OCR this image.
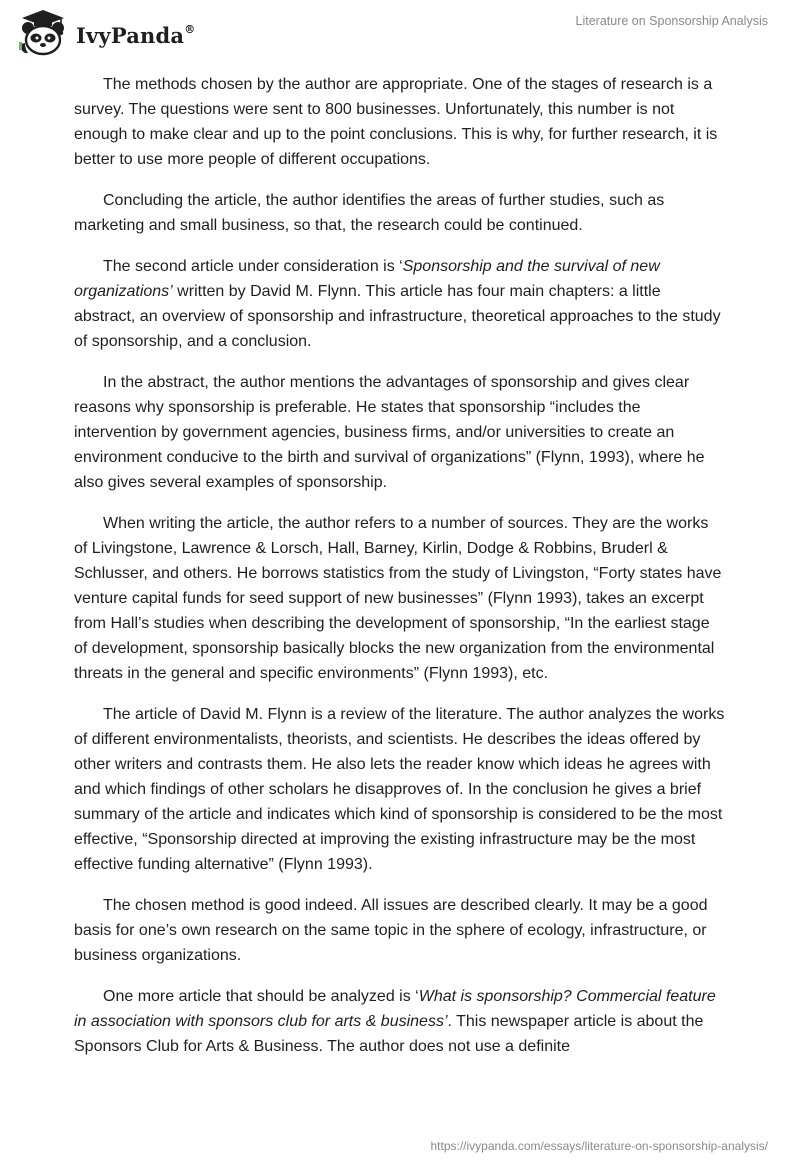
IvyPanda®
Literature on Sponsorship Analysis

The methods chosen by the author are appropriate. One of the stages of research is a survey. The questions were sent to 800 businesses. Unfortunately, this number is not enough to make clear and up to the point conclusions. This is why, for further research, it is better to use more people of different occupations.

Concluding the article, the author identifies the areas of further studies, such as marketing and small business, so that, the research could be continued.

The second article under consideration is ‘Sponsorship and the survival of new organizations’ written by David M. Flynn. This article has four main chapters: a little abstract, an overview of sponsorship and infrastructure, theoretical approaches to the study of sponsorship, and a conclusion.

In the abstract, the author mentions the advantages of sponsorship and gives clear reasons why sponsorship is preferable. He states that sponsorship “includes the intervention by government agencies, business firms, and/or universities to create an environment conducive to the birth and survival of organizations” (Flynn, 1993), where he also gives several examples of sponsorship.

When writing the article, the author refers to a number of sources. They are the works of Livingstone, Lawrence & Lorsch, Hall, Barney, Kirlin, Dodge & Robbins, Bruderl & Schlusser, and others. He borrows statistics from the study of Livingston, “Forty states have venture capital funds for seed support of new businesses” (Flynn 1993), takes an excerpt from Hall’s studies when describing the development of sponsorship, “In the earliest stage of development, sponsorship basically blocks the new organization from the environmental threats in the general and specific environments” (Flynn 1993), etc.

The article of David M. Flynn is a review of the literature. The author analyzes the works of different environmentalists, theorists, and scientists. He describes the ideas offered by other writers and contrasts them. He also lets the reader know which ideas he agrees with and which findings of other scholars he disapproves of. In the conclusion he gives a brief summary of the article and indicates which kind of sponsorship is considered to be the most effective, “Sponsorship directed at improving the existing infrastructure may be the most effective funding alternative” (Flynn 1993).

The chosen method is good indeed. All issues are described clearly. It may be a good basis for one’s own research on the same topic in the sphere of ecology, infrastructure, or business organizations.

One more article that should be analyzed is ‘What is sponsorship? Commercial feature in association with sponsors club for arts & business’. This newspaper article is about the Sponsors Club for Arts & Business. The author does not use a definite

https://ivypanda.com/essays/literature-on-sponsorship-analysis/
